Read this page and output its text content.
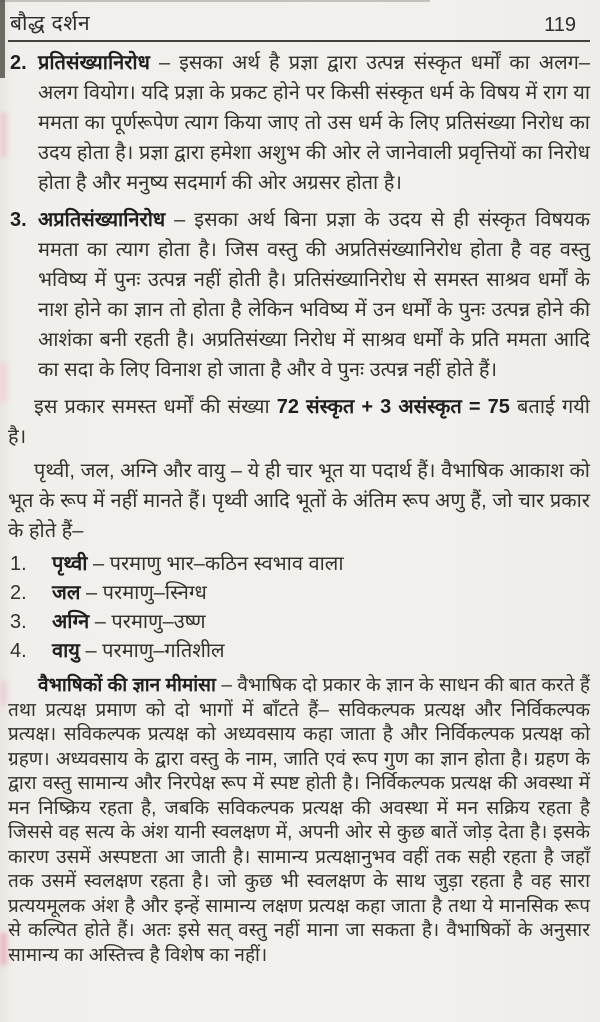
बौद्ध दर्शन	119
2. प्रतिसंख्यानिरोध – इसका अर्थ है प्रज्ञा द्वारा उत्पन्न संस्कृत धर्मों का अलग–अलग वियोग। यदि प्रज्ञा के प्रकट होने पर किसी संस्कृत धर्म के विषय में राग या ममता का पूर्णरूपेण त्याग किया जाए तो उस धर्म के लिए प्रतिसंख्या निरोध का उदय होता है। प्रज्ञा द्वारा हमेशा अशुभ की ओर ले जानेवाली प्रवृत्तियों का निरोध होता है और मनुष्य सदमार्ग की ओर अग्रसर होता है।
3. अप्रतिसंख्यानिरोध – इसका अर्थ बिना प्रज्ञा के उदय से ही संस्कृत विषयक ममता का त्याग होता है। जिस वस्तु की अप्रतिसंख्यानिरोध होता है वह वस्तु भविष्य में पुनः उत्पन्न नहीं होती है। प्रतिसंख्यानिरोध से समस्त साश्रव धर्मों के नाश होने का ज्ञान तो होता है लेकिन भविष्य में उन धर्मों के पुनः उत्पन्न होने की आशंका बनी रहती है। अप्रतिसंख्या निरोध में साश्रव धर्मों के प्रति ममता आदि का सदा के लिए विनाश हो जाता है और वे पुनः उत्पन्न नहीं होते हैं।
इस प्रकार समस्त धर्मों की संख्या 72 संस्कृत + 3 असंस्कृत = 75 बताई गयी है।
पृथ्वी, जल, अग्नि और वायु – ये ही चार भूत या पदार्थ हैं। वैभाषिक आकाश को भूत के रूप में नहीं मानते हैं। पृथ्वी आदि भूतों के अंतिम रूप अणु हैं, जो चार प्रकार के होते हैं–
1. पृथ्वी – परमाणु भार–कठिन स्वभाव वाला
2. जल – परमाणु–स्निग्ध
3. अग्नि – परमाणु–उष्ण
4. वायु – परमाणु–गतिशील
वैभाषिकों की ज्ञान मीमांसा – वैभाषिक दो प्रकार के ज्ञान के साधन की बात करते हैं तथा प्रत्यक्ष प्रमाण को दो भागों में बाँटते हैं– सविकल्पक प्रत्यक्ष और निर्विकल्पक प्रत्यक्ष। सविकल्पक प्रत्यक्ष को अध्यवसाय कहा जाता है और निर्विकल्पक प्रत्यक्ष को ग्रहण। अध्यवसाय के द्वारा वस्तु के नाम, जाति एवं रूप गुण का ज्ञान होता है। ग्रहण के द्वारा वस्तु सामान्य और निरपेक्ष रूप में स्पष्ट होती है। निर्विकल्पक प्रत्यक्ष की अवस्था में मन निष्क्रिय रहता है, जबकि सविकल्पक प्रत्यक्ष की अवस्था में मन सक्रिय रहता है जिससे वह सत्य के अंश यानी स्वलक्षण में, अपनी ओर से कुछ बातें जोड़ देता है। इसके कारण उसमें अस्पष्टता आ जाती है। सामान्य प्रत्यक्षानुभव वहीं तक सही रहता है जहाँ तक उसमें स्वलक्षण रहता है। जो कुछ भी स्वलक्षण के साथ जुड़ा रहता है वह सारा प्रत्ययमूलक अंश है और इन्हें सामान्य लक्षण प्रत्यक्ष कहा जाता है तथा ये मानसिक रूप से कल्पित होते हैं। अतः इसे सत् वस्तु नहीं माना जा सकता है। वैभाषिकों के अनुसार सामान्य का अस्तित्त्व है विशेष का नहीं।
